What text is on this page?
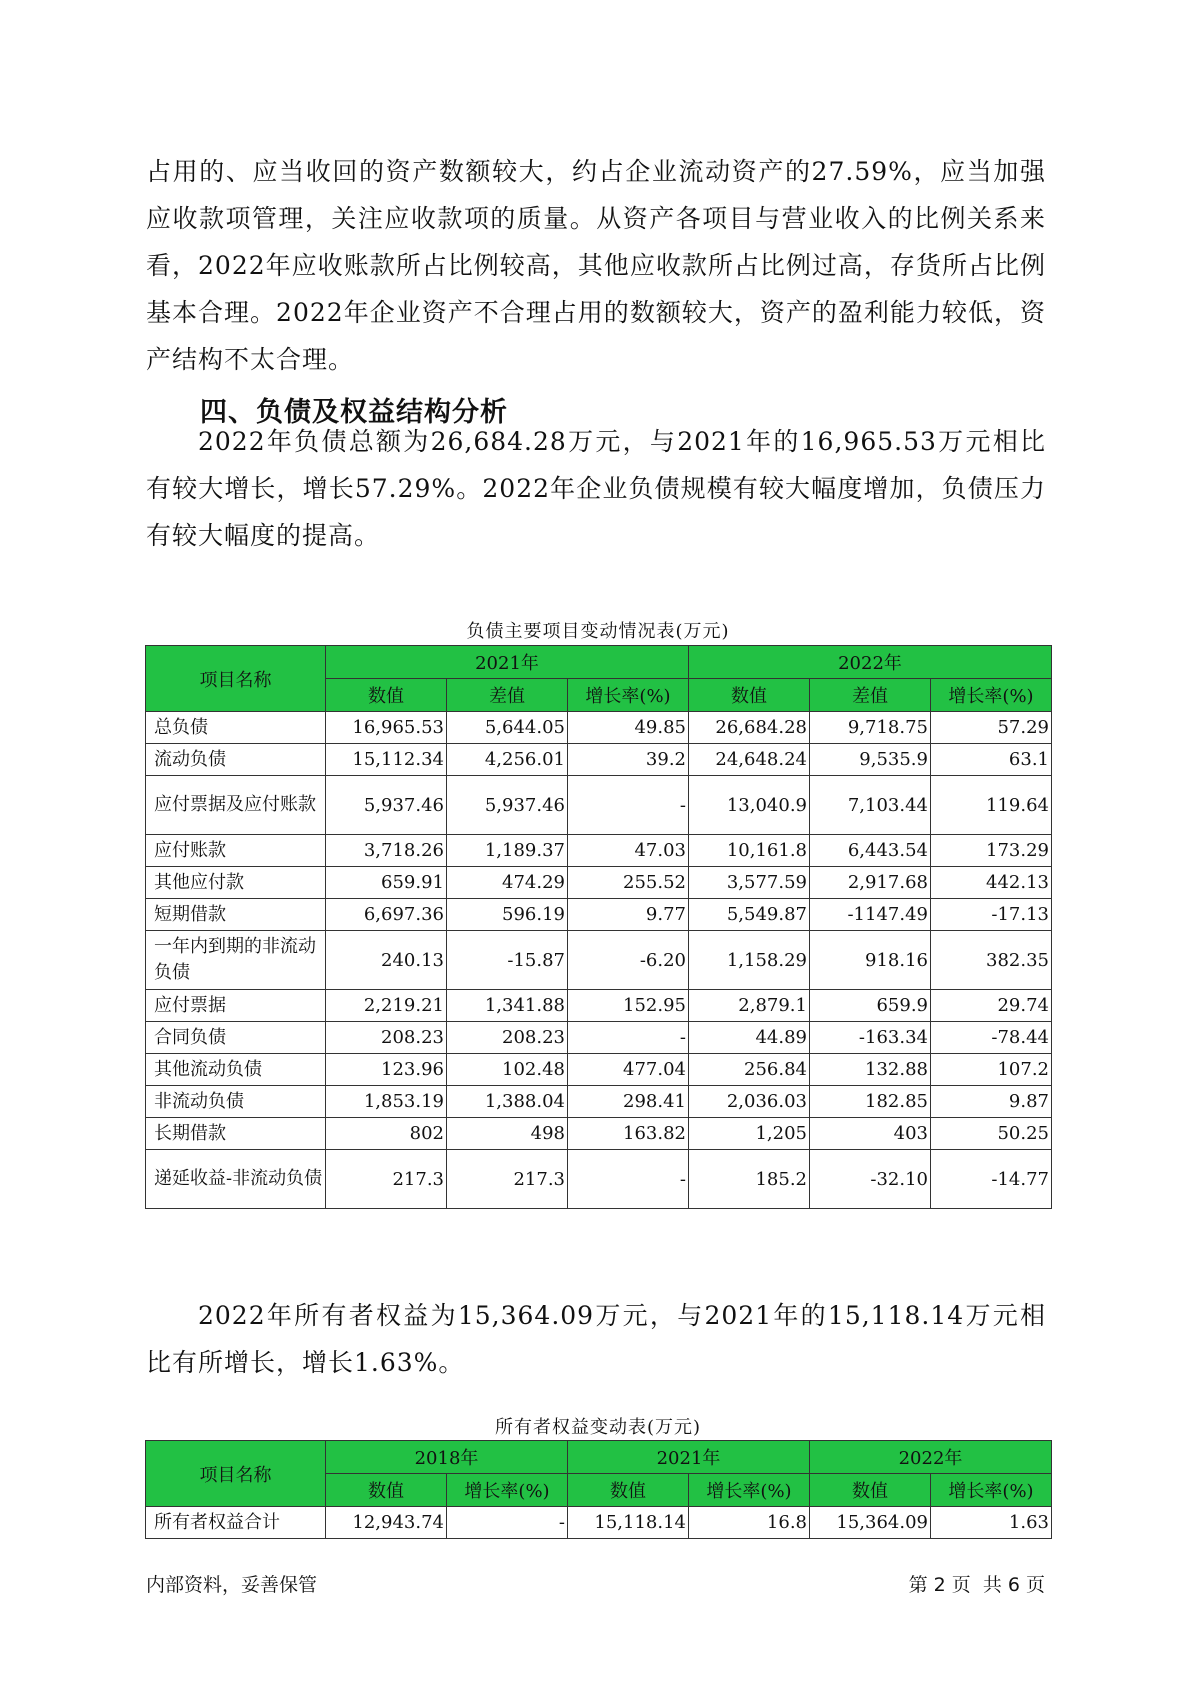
占用的、应当收回的资产数额较大，约占企业流动资产的27.59%，应当加强应收款项管理，关注应收款项的质量。从资产各项目与营业收入的比例关系来看，2022年应收账款所占比例较高，其他应收款所占比例过高，存货所占比例基本合理。2022年企业资产不合理占用的数额较大，资产的盈利能力较低，资产结构不太合理。

四、负债及权益结构分析

2022年负债总额为26,684.28万元，与2021年的16,965.53万元相比有较大增长，增长57.29%。2022年企业负债规模有较大幅度增加，负债压力有较大幅度的提高。

负债主要项目变动情况表(万元)
项目名称	2021年			2022年		
	数值	差值	增长率(%)	数值	差值	增长率(%)
总负债	16,965.53	5,644.05	49.85	26,684.28	9,718.75	57.29
流动负债	15,112.34	4,256.01	39.2	24,648.24	9,535.9	63.1
应付票据及应付账款	5,937.46	5,937.46	-	13,040.9	7,103.44	119.64
应付账款	3,718.26	1,189.37	47.03	10,161.8	6,443.54	173.29
其他应付款	659.91	474.29	255.52	3,577.59	2,917.68	442.13
短期借款	6,697.36	596.19	9.77	5,549.87	-1147.49	-17.13
一年内到期的非流动负债	240.13	-15.87	-6.20	1,158.29	918.16	382.35
应付票据	2,219.21	1,341.88	152.95	2,879.1	659.9	29.74
合同负债	208.23	208.23	-	44.89	-163.34	-78.44
其他流动负债	123.96	102.48	477.04	256.84	132.88	107.2
非流动负债	1,853.19	1,388.04	298.41	2,036.03	182.85	9.87
长期借款	802	498	163.82	1,205	403	50.25
递延收益-非流动负债	217.3	217.3	-	185.2	-32.10	-14.77

2022年所有者权益为15,364.09万元，与2021年的15,118.14万元相比有所增长，增长1.63%。

所有者权益变动表(万元)
项目名称	2018年		2021年		2022年	
	数值	增长率(%)	数值	增长率(%)	数值	增长率(%)
所有者权益合计	12,943.74	-	15,118.14	16.8	15,364.09	1.63
内部资料，妥善保管	第 2 页  共 6 页
